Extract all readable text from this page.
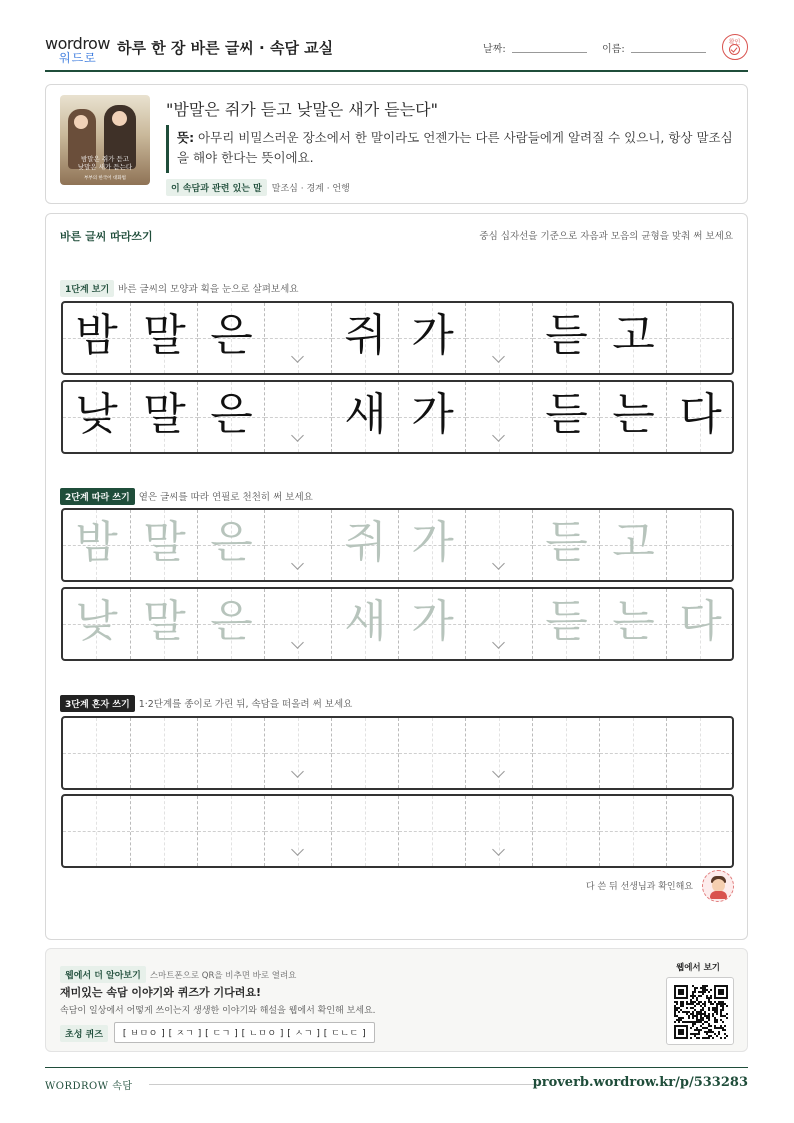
wordrow
워드로
하루 한 장 바른 글씨 · 속담 교실	날짜:	이름:
확인
밤말은 쥐가 듣고
낮말은 새가 듣는다
부부의 한국어 대화법
"밤말은 쥐가 듣고 낮말은 새가 듣는다"
뜻: 아무리 비밀스러운 장소에서 한 말이라도 언젠가는 다른 사람들에게 알려질 수 있으니, 항상 말조심을 해야 한다는 뜻이에요.
이 속담과 관련 있는 말 말조심 · 경계 · 언행
바른 글씨 따라쓰기	중심 십자선을 기준으로 자음과 모음의 균형을 맞춰 써 보세요
1단계 보기 바른 글씨의 모양과 획을 눈으로 살펴보세요
밤 말 은 쥐 가 듣 고
낮 말 은 새 가 듣 는 다
2단계 따라 쓰기 옅은 글씨를 따라 연필로 천천히 써 보세요
밤 말 은 쥐 가 듣 고
낮 말 은 새 가 듣 는 다
3단계 혼자 쓰기 1·2단계를 종이로 가린 뒤, 속담을 떠올려 써 보세요
다 쓴 뒤 선생님과 확인해요
웹에서 더 알아보기 스마트폰으로 QR을 비추면 바로 열려요
재미있는 속담 이야기와 퀴즈가 기다려요!
속담이 일상에서 어떻게 쓰이는지 생생한 이야기와 해설을 웹에서 확인해 보세요.
초성 퀴즈 [ ㅂㅁㅇ ] [ ㅈㄱ ] [ ㄷㄱ ] [ ㄴㅁㅇ ] [ ㅅㄱ ] [ ㄷㄴㄷ ]
웹에서 보기
WORDROW 속담	proverb.wordrow.kr/p/533283
